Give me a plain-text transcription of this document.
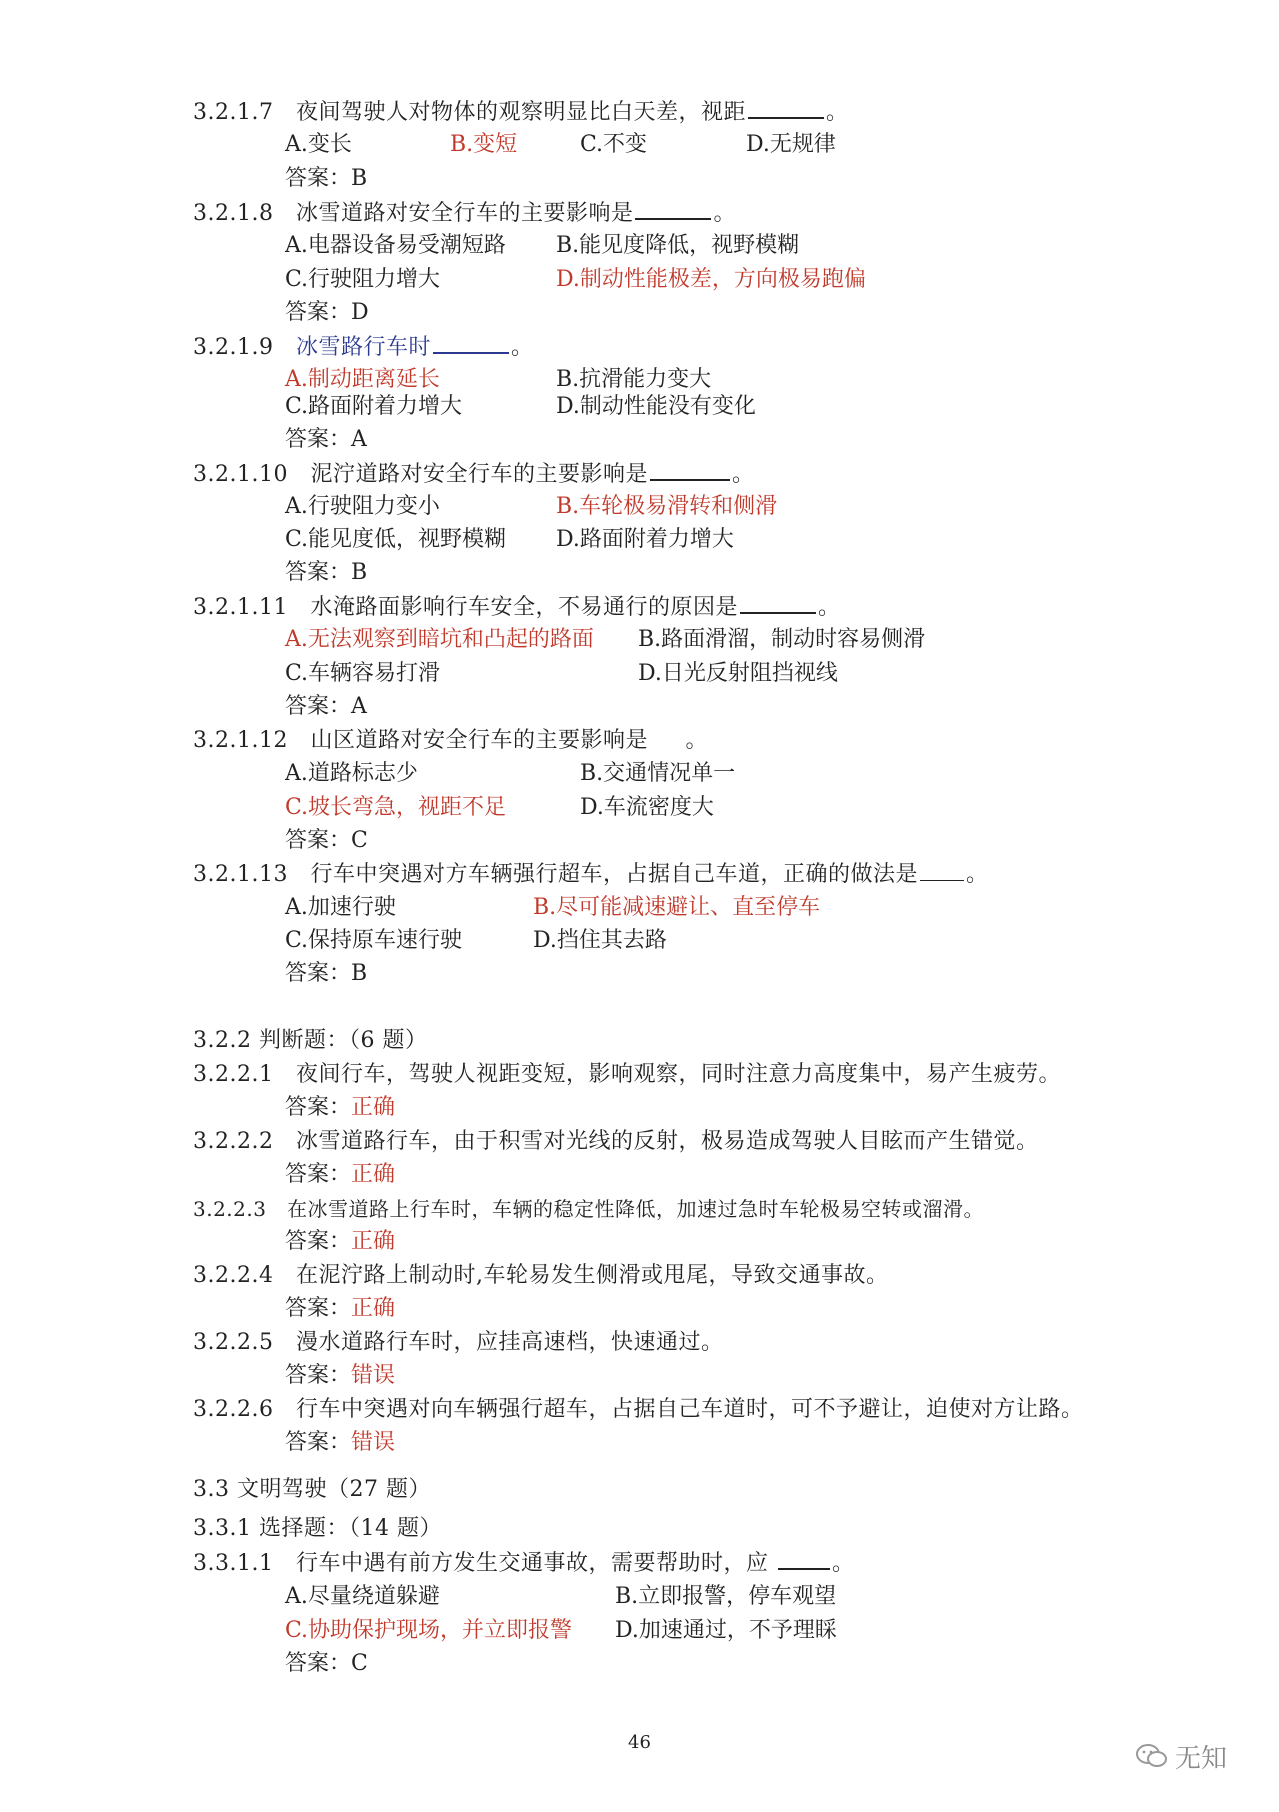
3.2.1.7 夜间驾驶人对物体的观察明显比白天差，视距	。
A.变长	B.变短	C.不变	D.无规律
答案：B
3.2.1.8 冰雪道路对安全行车的主要影响是	。
A.电器设备易受潮短路 B.能见度降低，视野模糊
C.行驶阻力增大	D.制动性能极差，方向极易跑偏
答案：D
3.2.1.9 冰雪路行车时	。
A.制动距离延长	B.抗滑能力变大
C.路面附着力增大	D.制动性能没有变化
答案：A
3.2.1.10 泥泞道路对安全行车的主要影响是	。
A.行驶阻力变小	B.车轮极易滑转和侧滑
C.能见度低，视野模糊 D.路面附着力增大
答案：B
3.2.1.11 水淹路面影响行车安全，不易通行的原因是	。
A.无法观察到暗坑和凸起的路面 B.路面滑溜，制动时容易侧滑
C.车辆容易打滑	D.日光反射阻挡视线
答案：A
3.2.1.12 山区道路对安全行车的主要影响是 。
A.道路标志少	B.交通情况单一
C.坡长弯急，视距不足	D.车流密度大
答案：C
3.2.1.13 行车中突遇对方车辆强行超车，占据自己车道，正确的做法是 。
A.加速行驶	B.尽可能减速避让、直至停车
C.保持原车速行驶	D.挡住其去路
答案：B
3.2.2 判断题：（6 题）
3.2.2.1 夜间行车，驾驶人视距变短，影响观察，同时注意力高度集中，易产生疲劳。
答案：正确
3.2.2.2 冰雪道路行车，由于积雪对光线的反射，极易造成驾驶人目眩而产生错觉。
答案：正确
3.2.2.3 在冰雪道路上行车时，车辆的稳定性降低，加速过急时车轮极易空转或溜滑。
答案：正确
3.2.2.4 在泥泞路上制动时,车轮易发生侧滑或甩尾，导致交通事故。
答案：正确
3.2.2.5 漫水道路行车时，应挂高速档，快速通过。
答案：错误
3.2.2.6 行车中突遇对向车辆强行超车，占据自己车道时，可不予避让，迫使对方让路。
答案：错误
3.3 文明驾驶（27 题）
3.3.1 选择题：（14 题）
3.3.1.1 行车中遇有前方发生交通事故，需要帮助时，应	。
A.尽量绕道躲避	B.立即报警，停车观望
C.协助保护现场，并立即报警 D.加速通过，不予理睬
答案：C
46
无知
